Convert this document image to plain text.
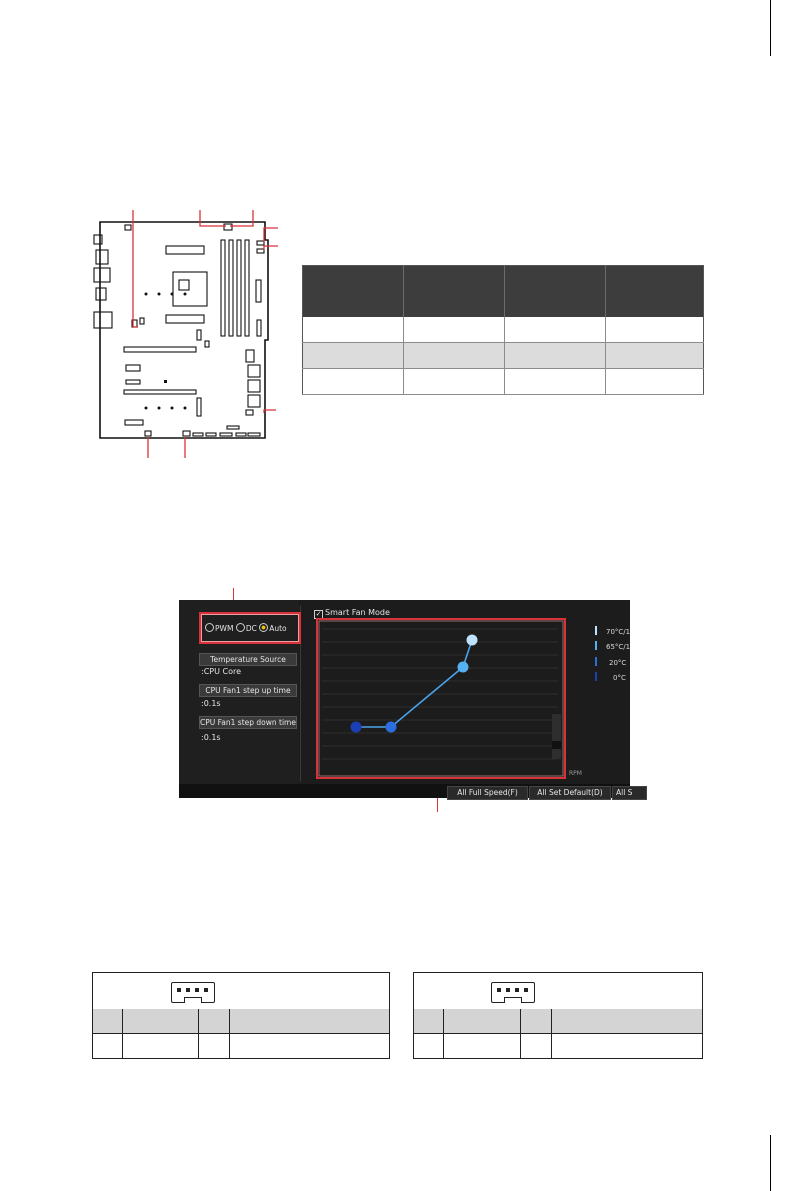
PWM DC Auto
Temperature Source
:CPU Core
CPU Fan1 step up time
:0.1s
CPU Fan1 step down time
:0.1s
✓ Smart Fan Mode
RPM
70°C/1
65°C/1
20°C
0°C
All Full Speed(F)	All Set Default(D)	All S
